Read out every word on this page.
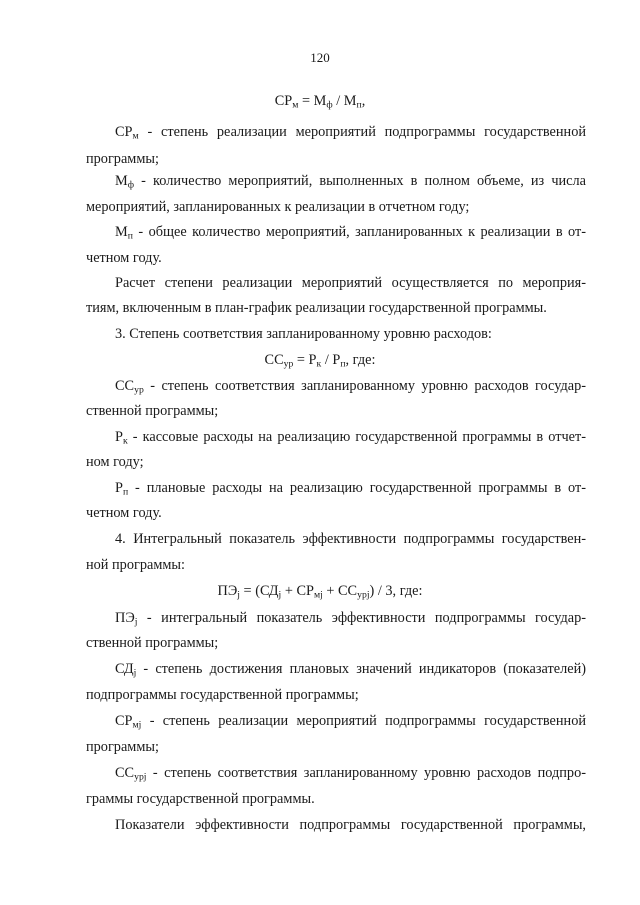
120
$СР_м = М_ф / М_п$,
$СР_м$ - степень реализации мероприятий подпрограммы государственной
программы;
$М_ф$ - количество мероприятий, выполненных в полном объеме, из числа
мероприятий, запланированных к реализации в отчетном году;
$М_п$ - общее количество мероприятий, запланированных к реализации в от-
четном году.
Расчет степени реализации мероприятий осуществляется по мероприя-
тиям, включенным в план-график реализации государственной программы.
3. Степень соответствия запланированному уровню расходов:
$СС_{ур} = Р_к / Р_п$, где:
$СС_{ур}$ - степень соответствия запланированному уровню расходов государ-
ственной программы;
$Р_к$ - кассовые расходы на реализацию государственной программы в отчет-
ном году;
$Р_п$ - плановые расходы на реализацию государственной программы в от-
четном году.
4. Интегральный показатель эффективности подпрограммы государствен-
ной программы:
$ПЭ_j = (СД_j + СР_{мj} + СС_{урj}) / 3$, где:
$ПЭ_j$ - интегральный показатель эффективности подпрограммы государ-
ственной программы;
$СД_j$ - степень достижения плановых значений индикаторов (показателей)
подпрограммы государственной программы;
$СР_{мj}$ - степень реализации мероприятий подпрограммы государственной
программы;
$СС_{урj}$ - степень соответствия запланированному уровню расходов подпро-
граммы государственной программы.
Показатели эффективности подпрограммы государственной программы,
